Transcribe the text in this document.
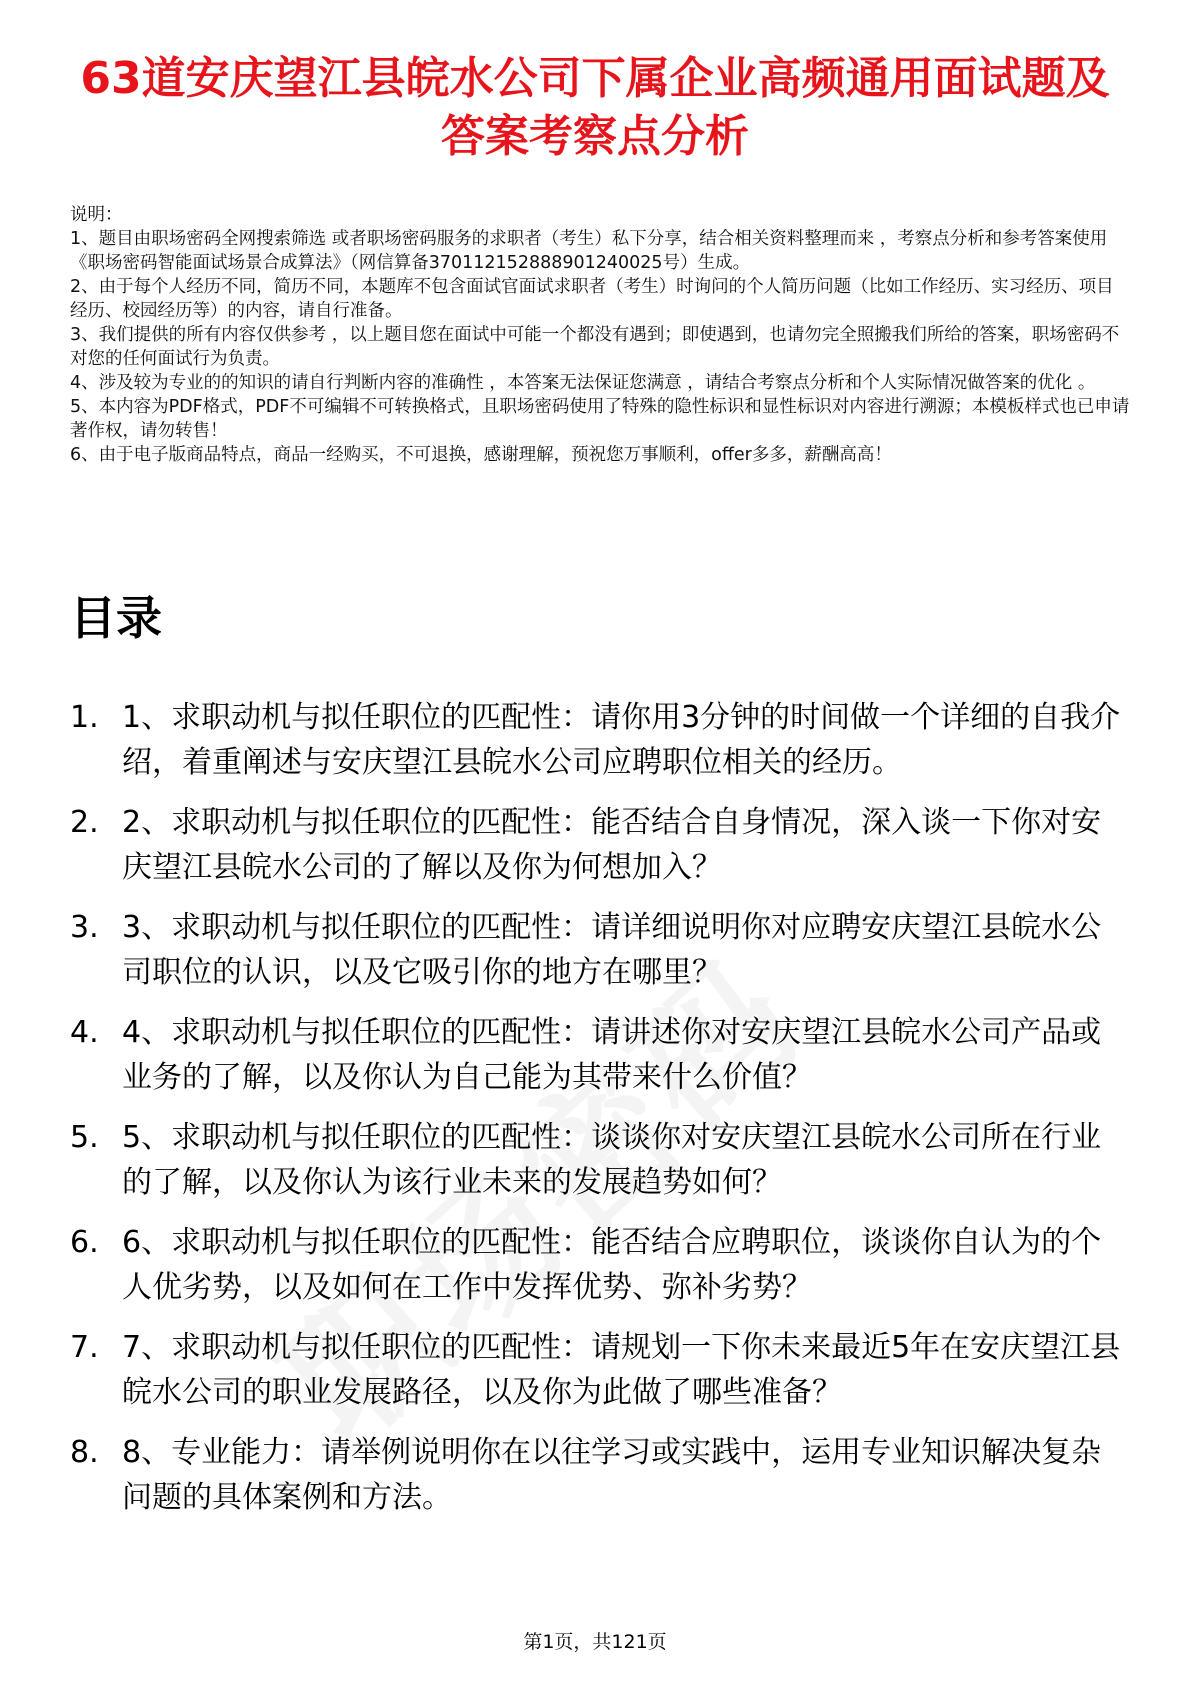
63道安庆望江县皖水公司下属企业高频通用面试题及答案考察点分析

说明：

1、题目由职场密码全网搜索筛选 或者职场密码服务的求职者（考生）私下分享，结合相关资料整理而来 ，考察点分析和参考答案使用《职场密码智能面试场景合成算法》（网信算备370112152888901240025号）生成。

2、由于每个人经历不同，简历不同，本题库不包含面试官面试求职者（考生）时询问的个人简历问题（比如工作经历、实习经历、项目经历、校园经历等）的内容，请自行准备。

3、我们提供的所有内容仅供参考 ，以上题目您在面试中可能一个都没有遇到；即使遇到，也请勿完全照搬我们所给的答案，职场密码不对您的任何面试行为负责。

4、涉及较为专业的的知识的请自行判断内容的准确性 ，本答案无法保证您满意 ，请结合考察点分析和个人实际情况做答案的优化 。

5、本内容为PDF格式，PDF不可编辑不可转换格式，且职场密码使用了特殊的隐性标识和显性标识对内容进行溯源；本模板样式也已申请著作权，请勿转售！

6、由于电子版商品特点，商品一经购买，不可退换，感谢理解，预祝您万事顺利，offer多多，薪酬高高！

目录
1. 1、求职动机与拟任职位的匹配性：请你用3分钟的时间做一个详细的自我介绍，着重阐述与安庆望江县皖水公司应聘职位相关的经历。
2. 2、求职动机与拟任职位的匹配性：能否结合自身情况，深入谈一下你对安庆望江县皖水公司的了解以及你为何想加入？
3. 3、求职动机与拟任职位的匹配性：请详细说明你对应聘安庆望江县皖水公司职位的认识，以及它吸引你的地方在哪里？
4. 4、求职动机与拟任职位的匹配性：请讲述你对安庆望江县皖水公司产品或业务的了解，以及你认为自己能为其带来什么价值？
5. 5、求职动机与拟任职位的匹配性：谈谈你对安庆望江县皖水公司所在行业的了解，以及你认为该行业未来的发展趋势如何？
6. 6、求职动机与拟任职位的匹配性：能否结合应聘职位，谈谈你自认为的个人优劣势，以及如何在工作中发挥优势、弥补劣势？
7. 7、求职动机与拟任职位的匹配性：请规划一下你未来最近5年在安庆望江县皖水公司的职业发展路径，以及你为此做了哪些准备？
8. 8、专业能力：请举例说明你在以往学习或实践中，运用专业知识解决复杂问题的具体案例和方法。
第1页，共121页
